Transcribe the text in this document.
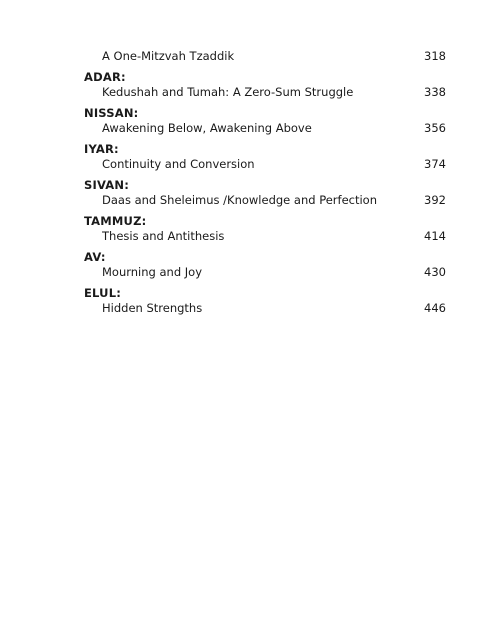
A One-Mitzvah Tzaddik	318
ADAR:
Kedushah and Tumah: A Zero-Sum Struggle	338
NISSAN:
Awakening Below, Awakening Above	356
IYAR:
Continuity and Conversion	374
SIVAN:
Daas and Sheleimus /Knowledge and Perfection	392
TAMMUZ:
Thesis and Antithesis	414
AV:
Mourning and Joy	430
ELUL:
Hidden Strengths	446
